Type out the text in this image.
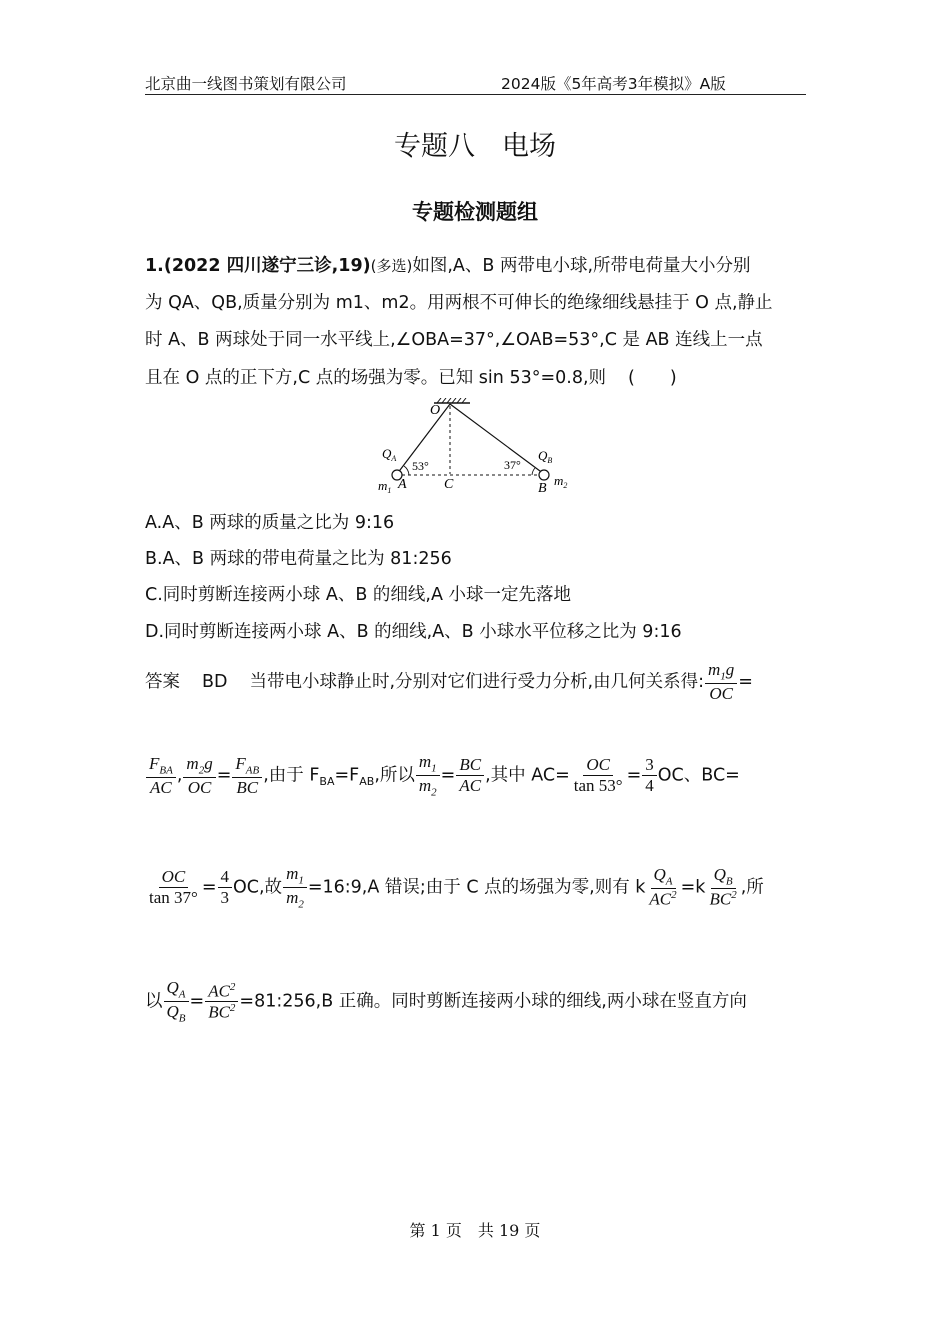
北京曲一线图书策划有限公司	2024版《5年高考3年模拟》A版
专题八　电场
专题检测题组
1.(2022 四川遂宁三诊,19)(多选)如图,A、B 两带电小球,所带电荷量大小分别
为 QA、QB,质量分别为 m1、m2。用两根不可伸长的绝缘细线悬挂于 O 点,静止
时 A、B 两球处于同一水平线上,∠OBA=37°,∠OAB=53°,C 是 AB 连线上一点
且在 O 点的正下方,C 点的场强为零。已知 sin 53°=0.8,则 (　　)
O
$Q_A$
53°	37°
$Q_B$
$m_1$ A	C	B
$m_2$
A.A、B 两球的质量之比为 9:16
B.A、B 两球的带电荷量之比为 81:256
C.同时剪断连接两小球 A、B 的细线,A 小球一定先落地
D.同时剪断连接两小球 A、B 的细线,A、B 小球水平位移之比为 9:16
答案 BD 当带电小球静止时,分别对它们进行受力分析,由几何关系得: $\frac{m_1g}{OC}$ =
$\frac{F_{BA}}{AC}$ , $\frac{m_2g}{OC} = \frac{F_{AB}}{BC}$ ,由于 $F_{BA}=F_{AB}$,所以 $\frac{m_1}{m_2} = \frac{BC}{AC}$ ,其中 $AC= \frac{OC}{\tan 53^\circ} = \frac{3}{4}$ OC、BC=
$\frac{OC}{\tan 37^\circ} = \frac{4}{3}$ OC,故 $\frac{m_1}{m_2}$ =16:9,A 错误;由于 C 点的场强为零,则有 k $\frac{Q_A}{AC^2} =k \frac{Q_B}{BC^2}$ ,所
以 $\frac{Q_A}{Q_B} = \frac{AC^2}{BC^2}$ =81:256,B 正确。同时剪断连接两小球的细线,两小球在竖直方向
第 1 页　共 19 页
